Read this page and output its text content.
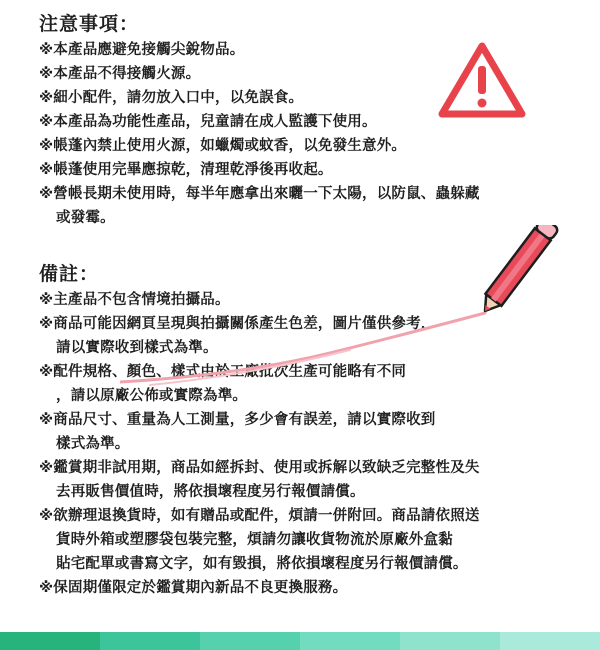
注意事項：
※本產品應避免接觸尖銳物品。
※本產品不得接觸火源。
※細小配件，請勿放入口中，以免誤食。
※本產品為功能性產品，兒童請在成人監護下使用。
※帳蓬內禁止使用火源，如蠟燭或蚊香，以免發生意外。
※帳蓬使用完畢應掠乾，清理乾淨後再收起。
※營帳長期未使用時，每半年應拿出來曬一下太陽，以防鼠、蟲躲藏
或發霉。
備註：
※主產品不包含情境拍攝品。
※商品可能因網頁呈現與拍攝關係產生色差，圖片僅供參考，
請以實際收到樣式為準。
※配件規格、顏色、樣式由於工廠批次生產可能略有不同
，請以原廠公佈或實際為準。
※商品尺寸、重量為人工測量，多少會有誤差，請以實際收到
樣式為準。
※鑑賞期非試用期，商品如經拆封、使用或拆解以致缺乏完整性及失
去再販售價值時，將依損壞程度另行報價請償。
※欲辦理退換貨時，如有贈品或配件，煩請一併附回。商品請依照送
貨時外箱或塑膠袋包裝完整，煩請勿讓收貨物流於原廠外盒黏
貼宅配單或書寫文字，如有毀損，將依損壞程度另行報價請償。
※保固期僅限定於鑑賞期內新品不良更換服務。
